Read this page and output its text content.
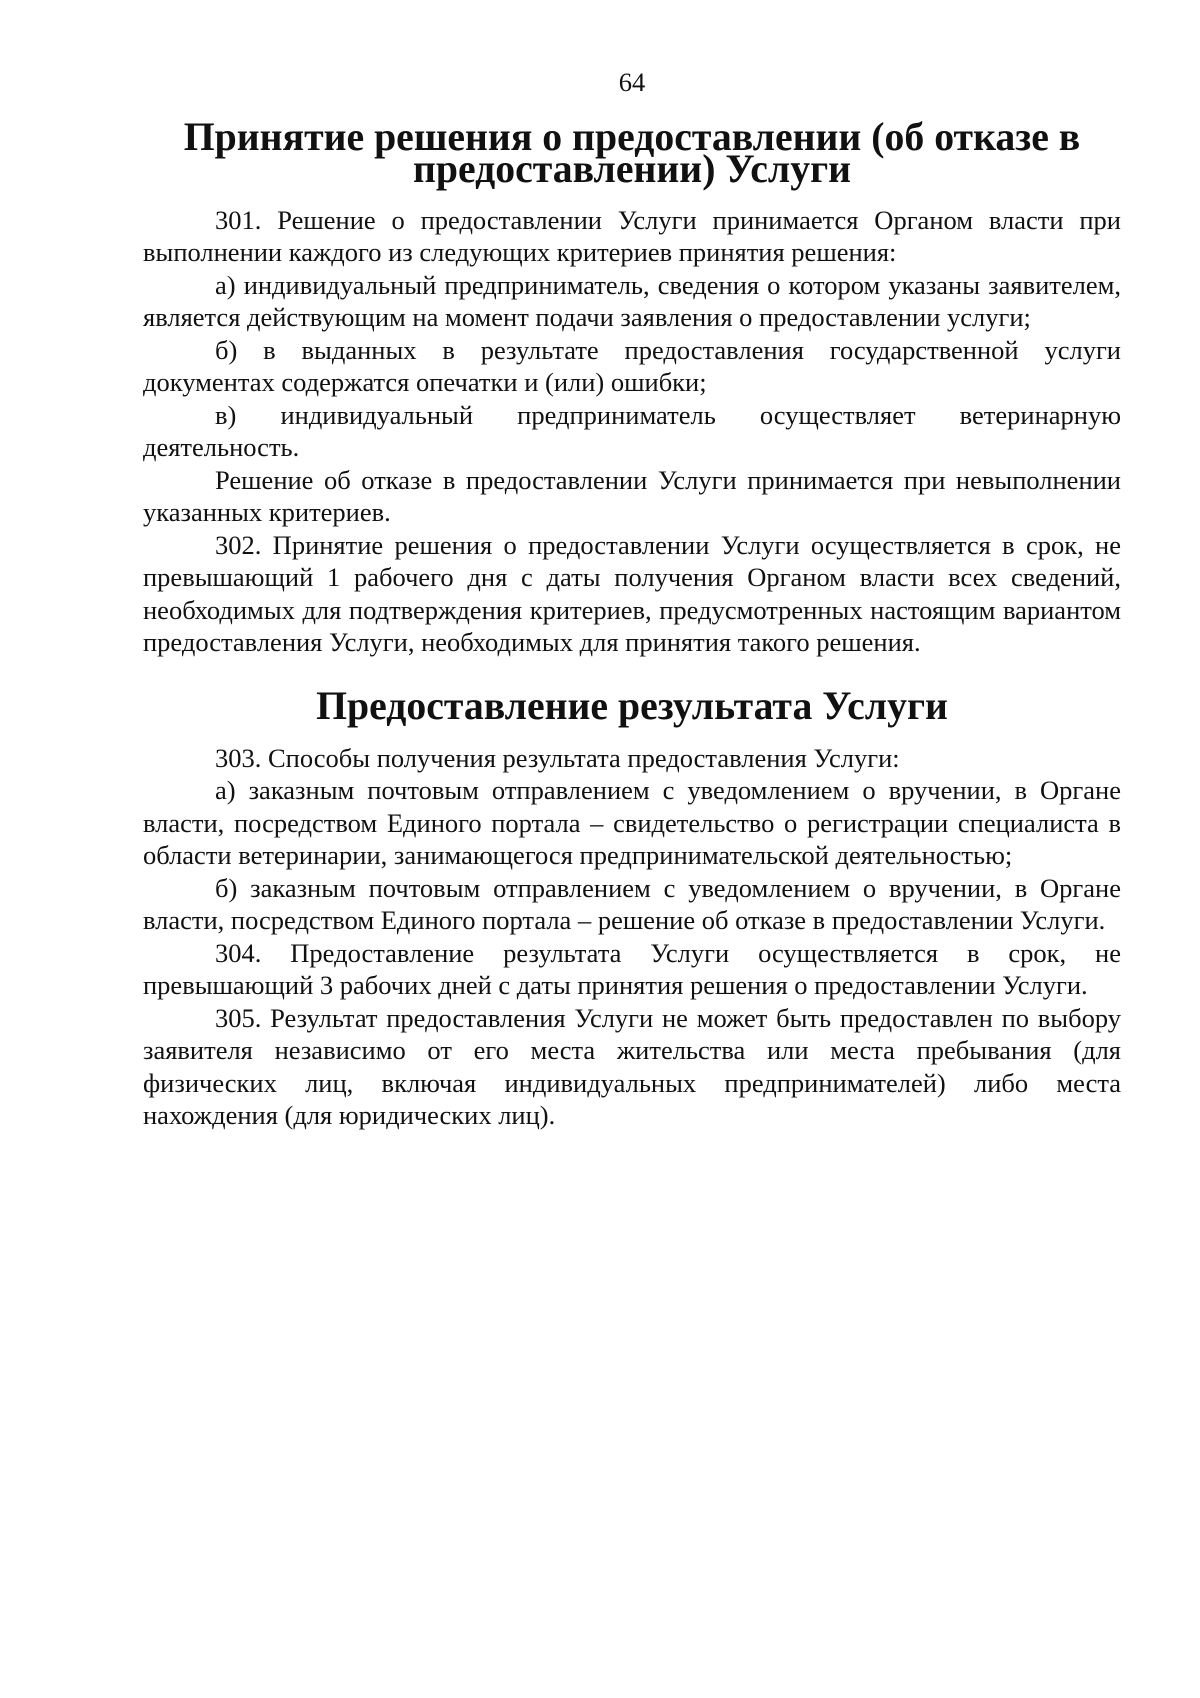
64

Принятие решения о предоставлении (об отказе в предоставлении) Услуги

301. Решение о предоставлении Услуги принимается Органом власти при выполнении каждого из следующих критериев принятия решения:

а) индивидуальный предприниматель, сведения о котором указаны заявителем, является действующим на момент подачи заявления о предоставлении услуги;

б) в выданных в результате предоставления государственной услуги документах содержатся опечатки и (или) ошибки;

в) индивидуальный предприниматель осуществляет ветеринарную деятельность.

Решение об отказе в предоставлении Услуги принимается при невыполнении указанных критериев.

302. Принятие решения о предоставлении Услуги осуществляется в срок, не превышающий 1 рабочего дня с даты получения Органом власти всех сведений, необходимых для подтверждения критериев, предусмотренных настоящим вариантом предоставления Услуги, необходимых для принятия такого решения.

Предоставление результата Услуги

303. Способы получения результата предоставления Услуги:

а) заказным почтовым отправлением с уведомлением о вручении, в Органе власти, посредством Единого портала – свидетельство о регистрации специалиста в области ветеринарии, занимающегося предпринимательской деятельностью;

б) заказным почтовым отправлением с уведомлением о вручении, в Органе власти, посредством Единого портала – решение об отказе в предоставлении Услуги.

304. Предоставление результата Услуги осуществляется в срок, не превышающий 3 рабочих дней с даты принятия решения о предоставлении Услуги.

305. Результат предоставления Услуги не может быть предоставлен по выбору заявителя независимо от его места жительства или места пребывания (для физических лиц, включая индивидуальных предпринимателей) либо места нахождения (для юридических лиц).
